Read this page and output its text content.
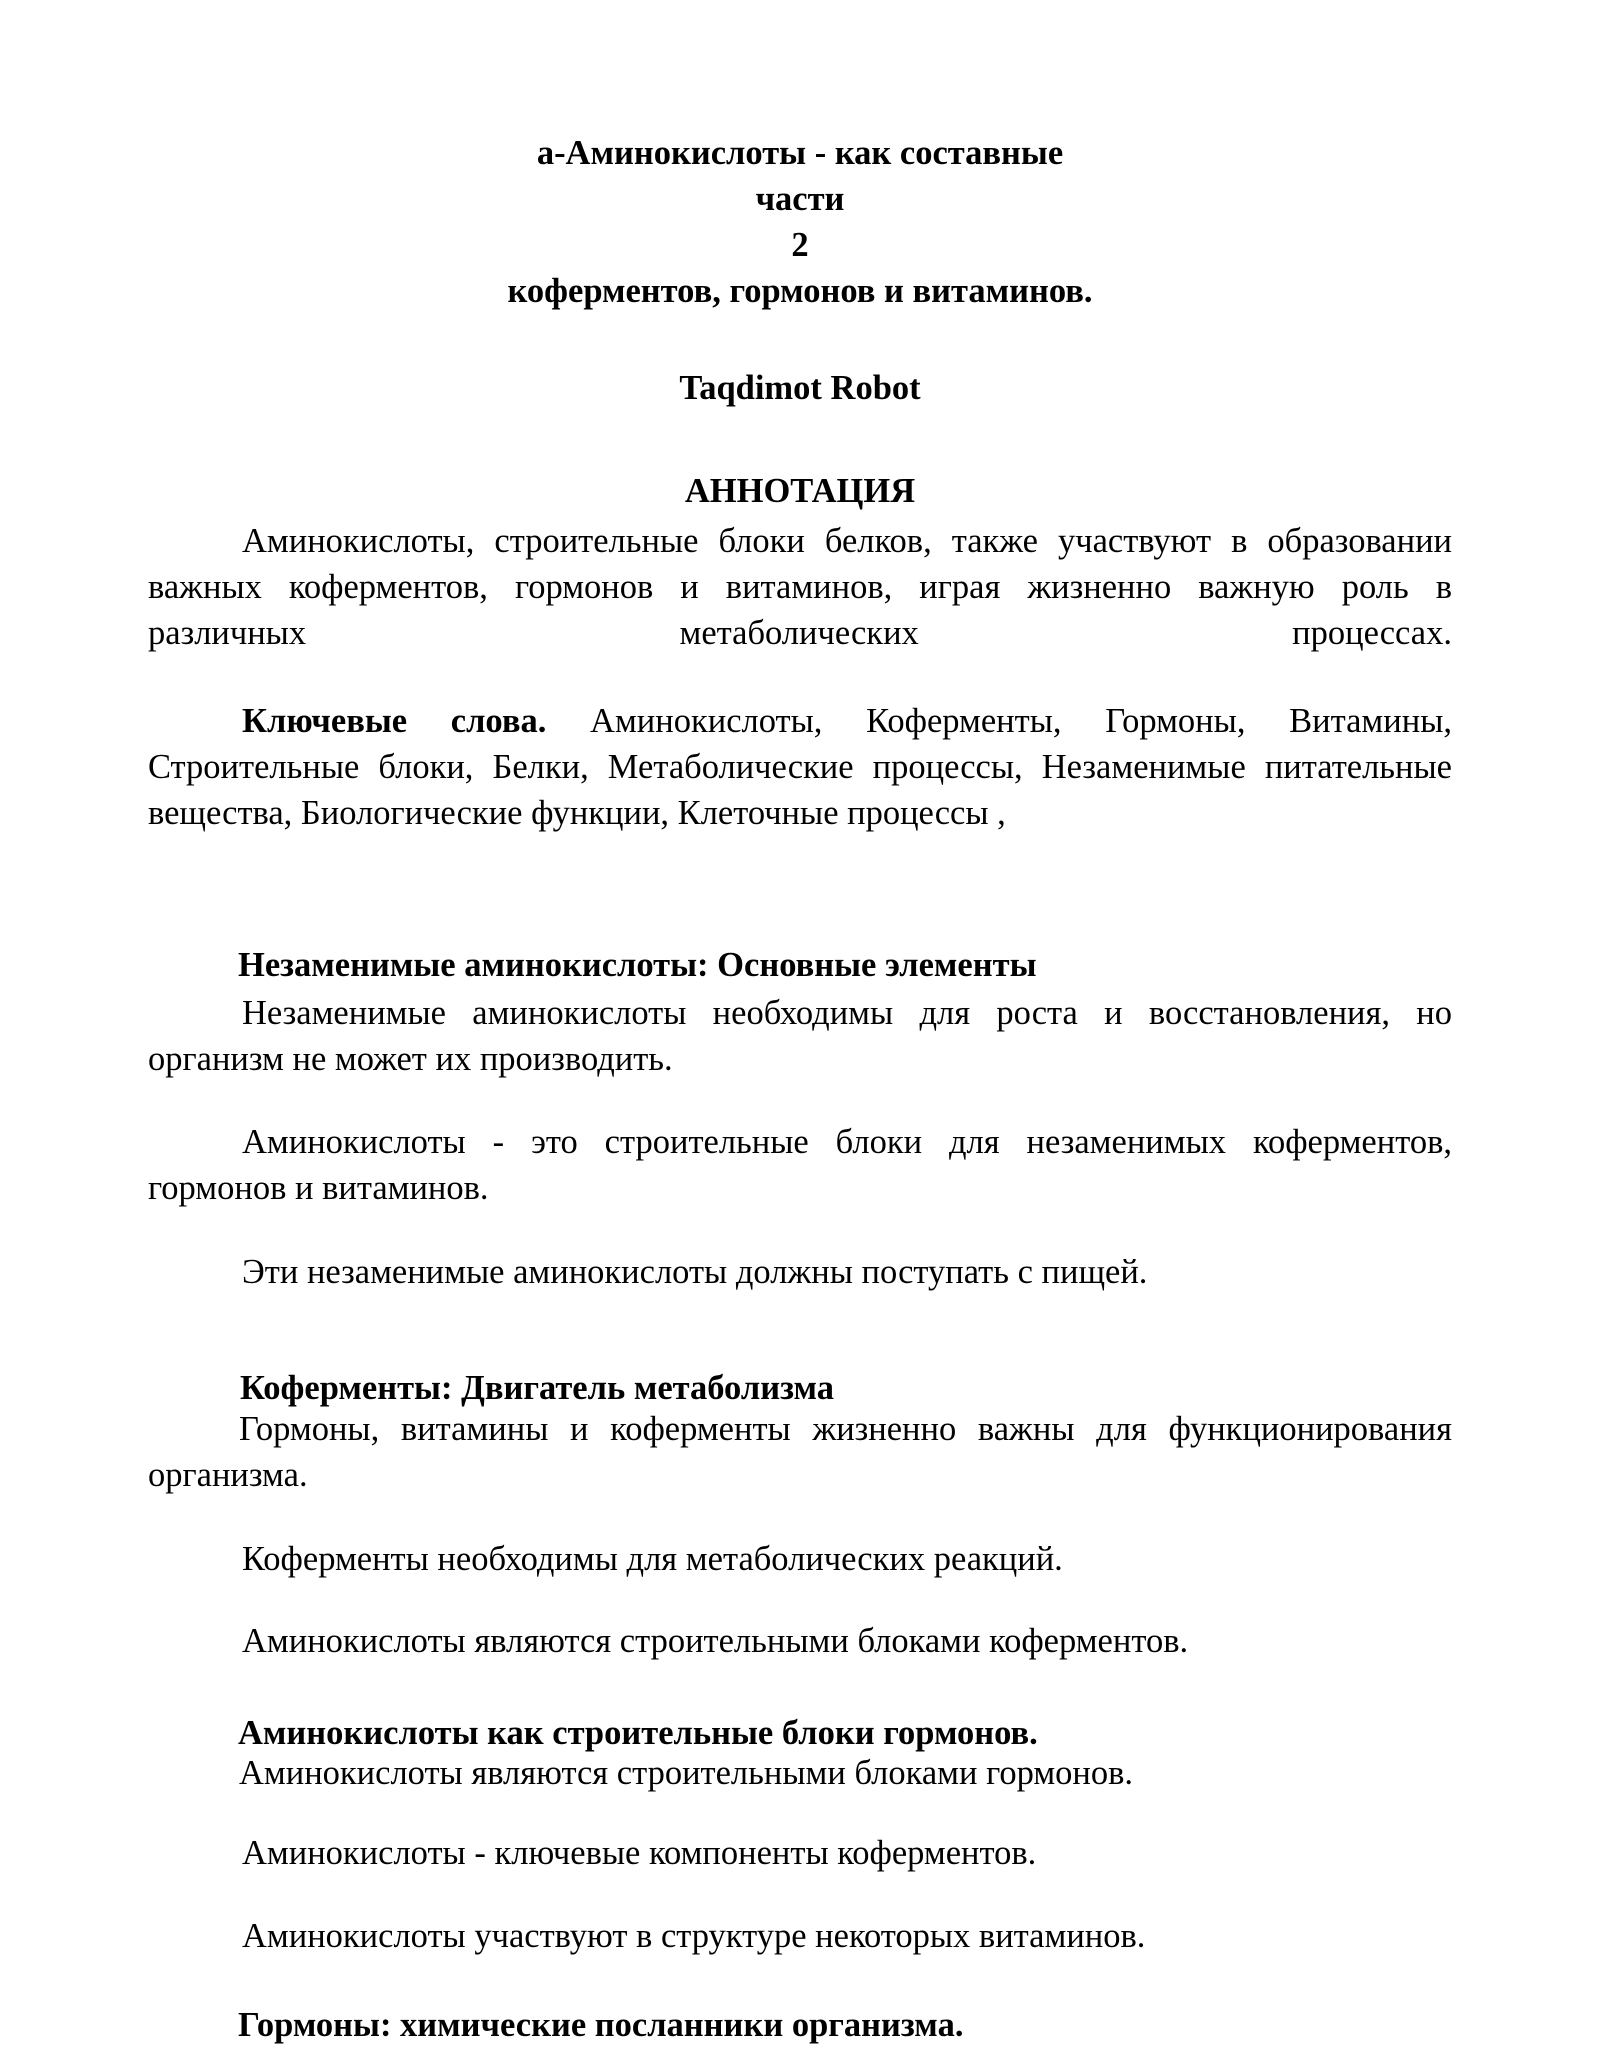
а-Аминокислоты - как составные
части
2
коферментов, гормонов и витаминов.
Taqdimot Robot
АННОТАЦИЯ
Аминокислоты, строительные блоки белков, также участвуют в образовании
важных коферментов, гормонов и витаминов, играя жизненно важную роль в
различных	метаболических	процессах.

Ключевые слова. Аминокислоты, Коферменты, Гормоны, Витамины, Строительные блоки, Белки, Метаболические процессы, Незаменимые питательные вещества, Биологические функции, Клеточные процессы ,

Незаменимые аминокислоты: Основные элементы

Незаменимые аминокислоты необходимы для роста и восстановления, но организм не может их производить.

Аминокислоты - это строительные блоки для незаменимых коферментов, гормонов и витаминов.

Эти незаменимые аминокислоты должны поступать с пищей.

Коферменты: Двигатель метаболизма

Гормоны, витамины и коферменты жизненно важны для функционирования организма.

Коферменты необходимы для метаболических реакций.

Аминокислоты являются строительными блоками коферментов.

Аминокислоты как строительные блоки гормонов.

Аминокислоты являются строительными блоками гормонов.

Аминокислоты - ключевые компоненты коферментов.

Аминокислоты участвуют в структуре некоторых витаминов.

Гормоны: химические посланники организма.
